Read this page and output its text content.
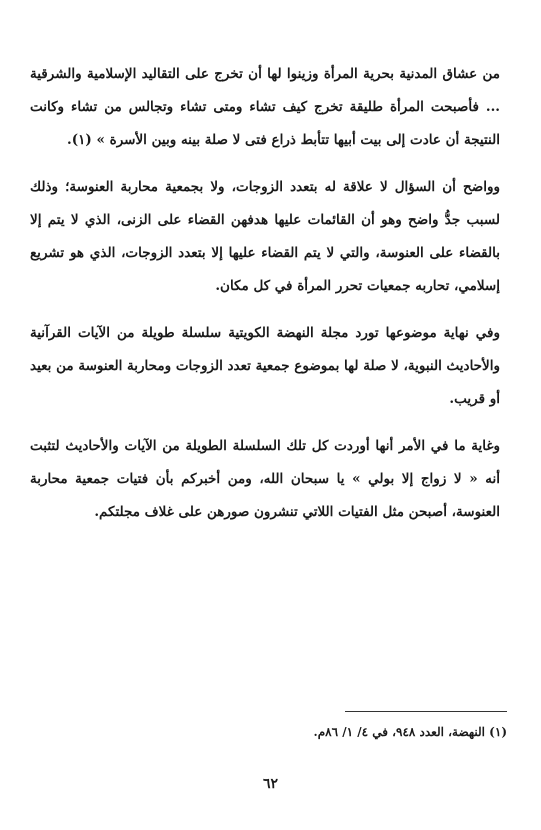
من عشاق المدنية بحرية المرأة وزينوا لها أن تخرج على التقاليد الإسلامية والشرقية ... فأصبحت المرأة طليقة تخرج كيف تشاء ومتى تشاء وتجالس من تشاء وكانت النتيجة أن عادت إلى بيت أبيها تتأبط ذراع فتى لا صلة بينه وبين الأسرة » (١).

وواضح أن السؤال لا علاقة له بتعدد الزوجات، ولا بجمعية محاربة العنوسة؛ وذلك لسبب جدُّ واضح وهو أن القائمات عليها هدفهن القضاء على الزنى، الذي لا يتم إلا بالقضاء على العنوسة، والتي لا يتم القضاء عليها إلا بتعدد الزوجات، الذي هو تشريع إسلامي، تحاربه جمعيات تحرر المرأة في كل مكان.

وفي نهاية موضوعها تورد مجلة النهضة الكويتية سلسلة طويلة من الآيات القرآنية والأحاديث النبوية، لا صلة لها بموضوع جمعية تعدد الزوجات ومحاربة العنوسة من بعيد أو قريب.

وغاية ما في الأمر أنها أوردت كل تلك السلسلة الطويلة من الآيات والأحاديث لتثبت أنه « لا زواج إلا بولي » يا سبحان الله، ومن أخبركم بأن فتيات جمعية محاربة العنوسة، أصبحن مثل الفتيات اللاتي تنشرون صورهن على غلاف مجلتكم.

(١) النهضة، العدد ٩٤٨، في ٤/ ١/ ٨٦م.
٦٢
